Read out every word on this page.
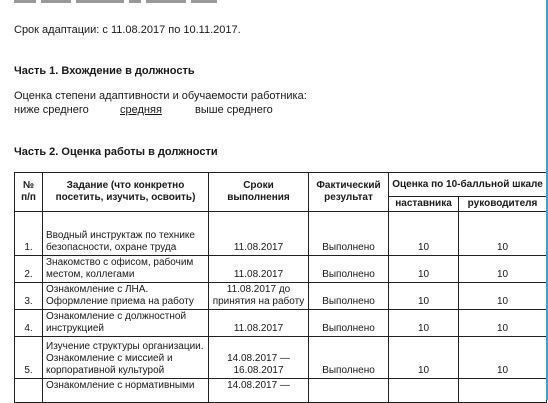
Срок адаптации: с 11.08.2017 по 10.11.2017.
Часть 1. Вхождение в должность
Оценка степени адаптивности и обучаемости работника:
ниже среднего	средняя	выше среднего
Часть 2. Оценка работы в должности
№ п/п	Задание (что конкретно посетить, изучить, освоить)	Сроки выполнения	Фактический результат	Оценка по 10-балльной шкале	
				наставника	руководителя
1.	Вводный инструктаж по технике безопасности, охране труда	11.08.2017	Выполнено	10	10
2.	Знакомство с офисом, рабочим местом, коллегами	11.08.2017	Выполнено	10	10
3.	Ознакомление с ЛНА. Оформление приема на работу	11.08.2017 до принятия на работу	Выполнено	10	10
4.	Ознакомление с должностной инструкцией	11.08.2017	Выполнено	10	10
5.	Изучение структуры организации. Ознакомление с миссией и корпоративной культурой	14.08.2017 — 16.08.2017	Выполнено	10	10
	Ознакомление с нормативными	14.08.2017 —			
